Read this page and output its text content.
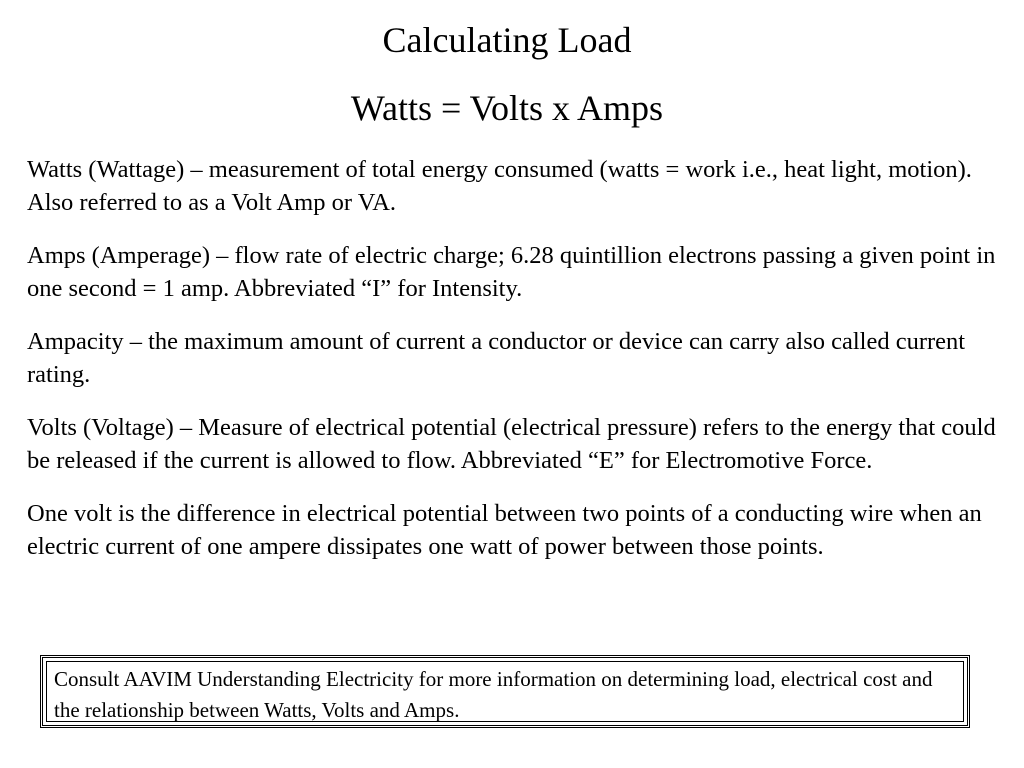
Calculating Load
Watts = Volts x Amps

Watts (Wattage) – measurement of total energy consumed (watts = work i.e., heat light, motion). Also referred to as a Volt Amp or VA.

Amps (Amperage) – flow rate of electric charge; 6.28 quintillion electrons passing a given point in one second = 1 amp. Abbreviated “I” for Intensity.

Ampacity – the maximum amount of current a conductor or device can carry also called current rating.

Volts (Voltage) – Measure of electrical potential (electrical pressure) refers to the energy that could be released if the current is allowed to flow. Abbreviated “E” for Electromotive Force.

One volt is the difference in electrical potential between two points of a conducting wire when an electric current of one ampere dissipates one watt of power between those points.

Consult AAVIM Understanding Electricity for more information on determining load, electrical cost and the relationship between Watts, Volts and Amps.
